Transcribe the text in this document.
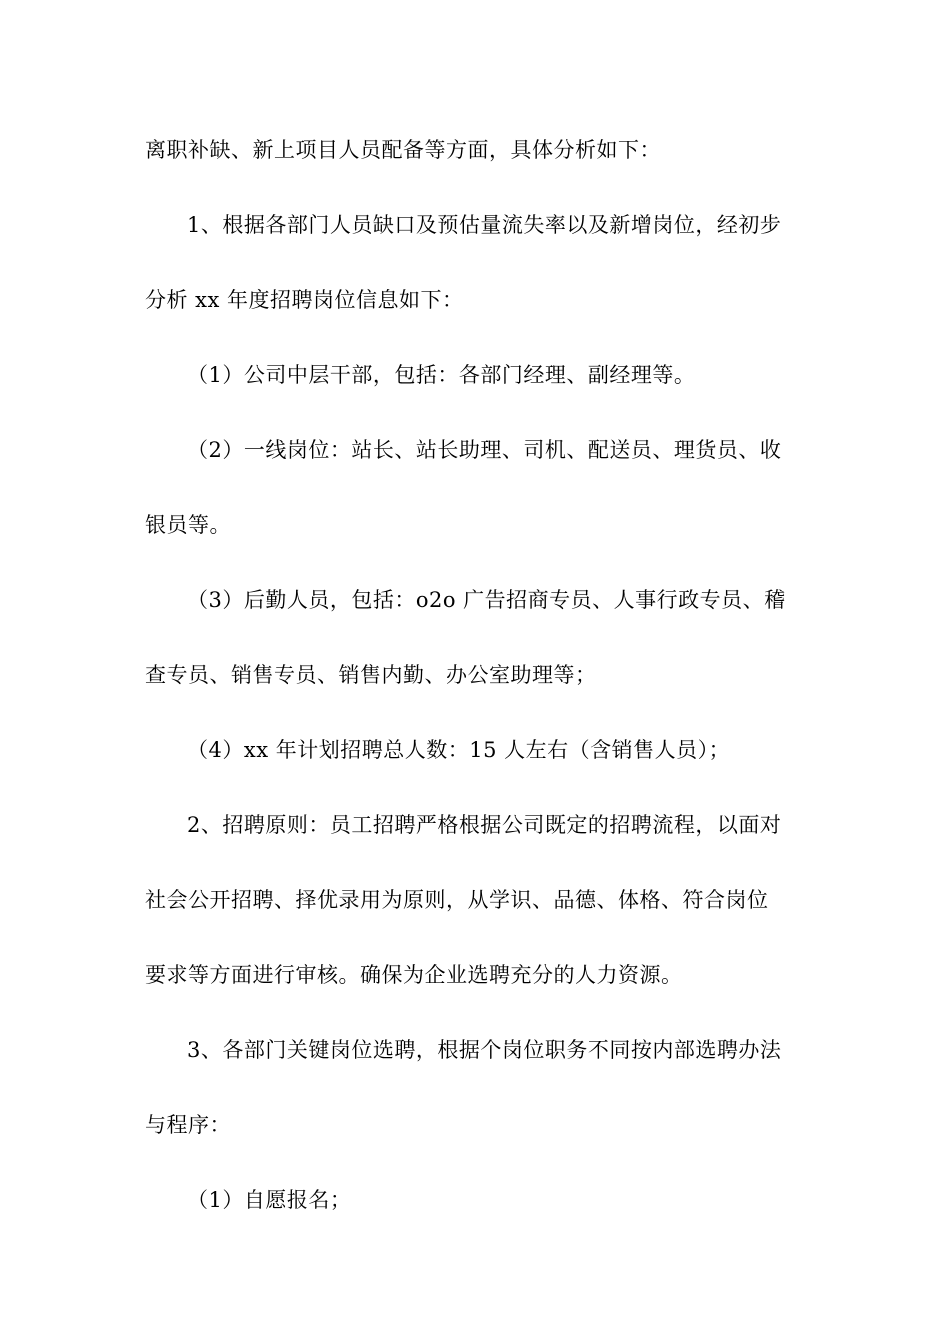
离职补缺、新上项目人员配备等方面，具体分析如下：
1、根据各部门人员缺口及预估量流失率以及新增岗位，经初步
分析 xx 年度招聘岗位信息如下：
（1）公司中层干部，包括：各部门经理、副经理等。
（2）一线岗位：站长、站长助理、司机、配送员、理货员、收
银员等。
（3）后勤人员，包括：o2o 广告招商专员、人事行政专员、稽
查专员、销售专员、销售内勤、办公室助理等；
（4）xx 年计划招聘总人数：15 人左右（含销售人员）；
2、招聘原则：员工招聘严格根据公司既定的招聘流程，以面对
社会公开招聘、择优录用为原则，从学识、品德、体格、符合岗位
要求等方面进行审核。确保为企业选聘充分的人力资源。
3、各部门关键岗位选聘，根据个岗位职务不同按内部选聘办法
与程序：
（1）自愿报名；
